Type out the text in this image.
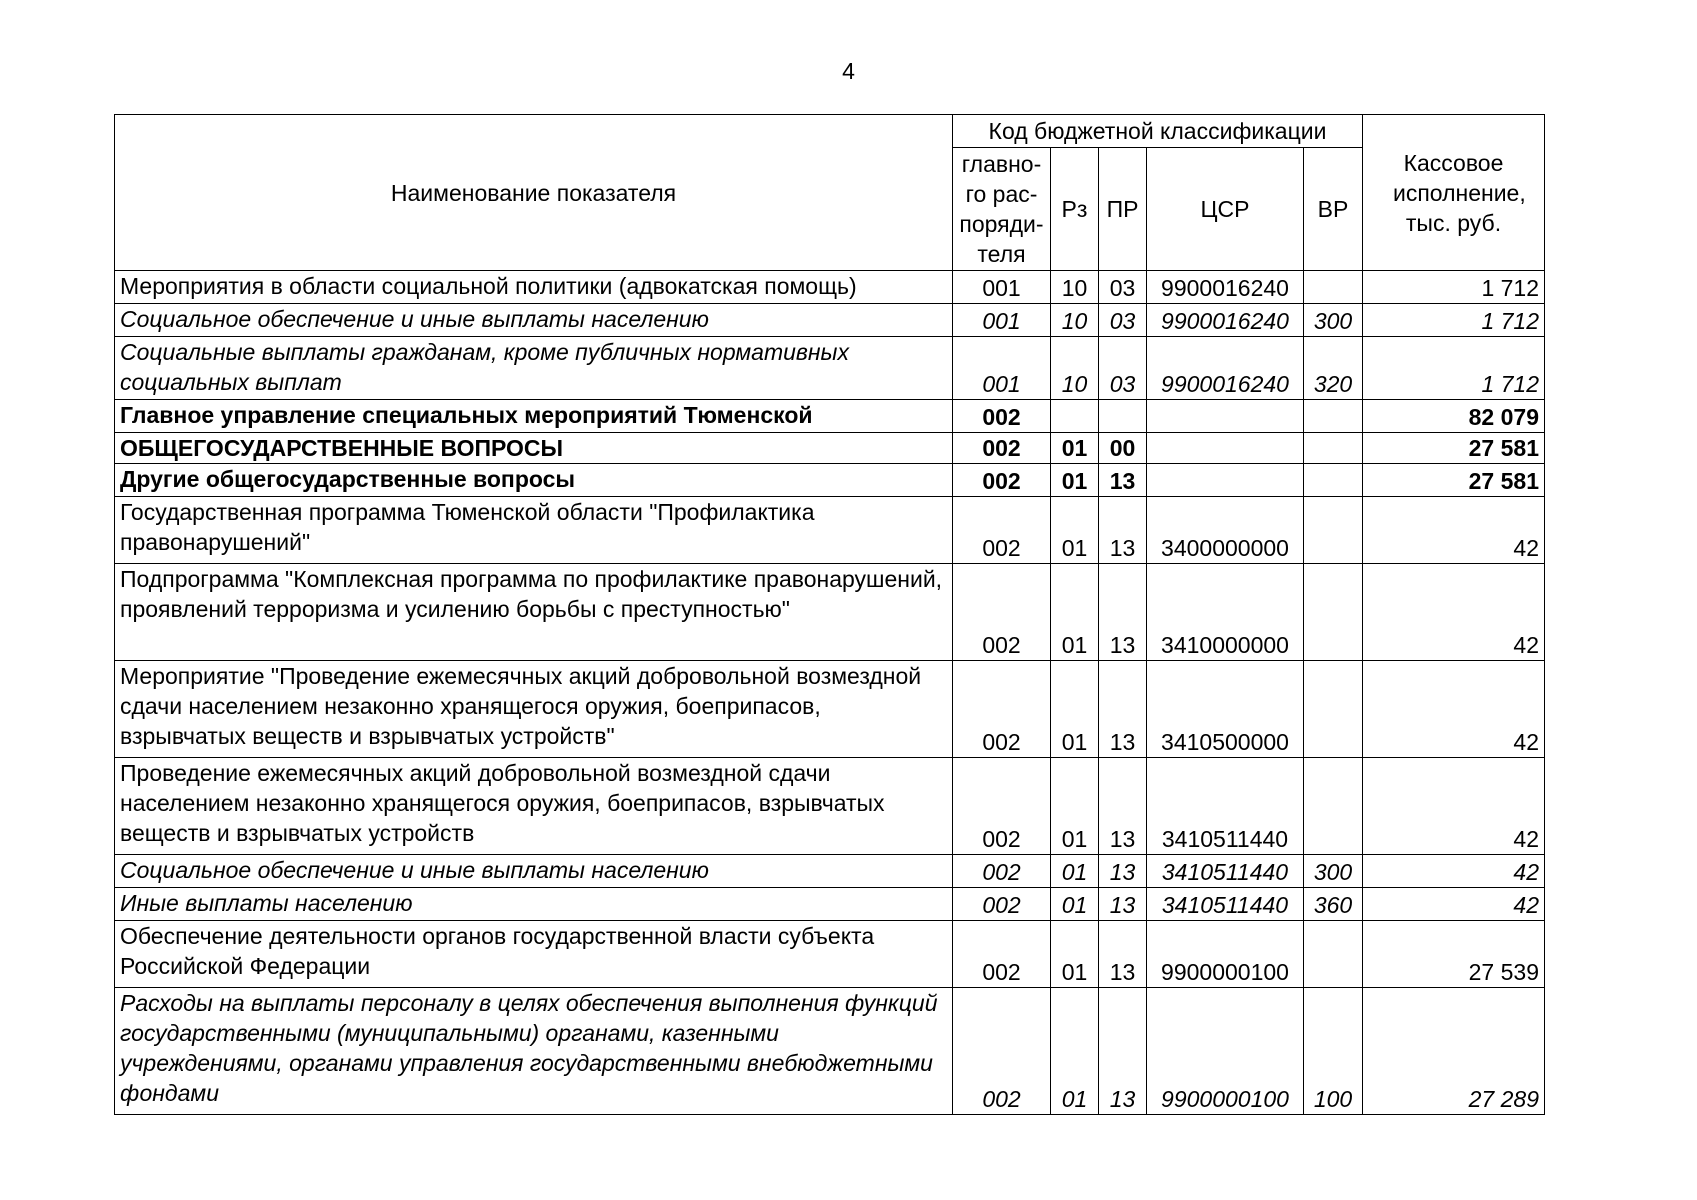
4
Наименование показателя	Код бюджетной классификации					Кассовое исполнение, тыс. руб.
	главно-го рас-поряди-теля	Рз	ПР	ЦСР	ВР	
Мероприятия в области социальной политики (адвокатская помощь)	001	10	03	9900016240		1 712
Социальное обеспечение и иные выплаты населению	001	10	03	9900016240	300	1 712
Социальные выплаты гражданам, кроме публичных нормативных социальных выплат	001	10	03	9900016240	320	1 712
Главное управление специальных мероприятий Тюменской	002					82 079
ОБЩЕГОСУДАРСТВЕННЫЕ ВОПРОСЫ	002	01	00			27 581
Другие общегосударственные вопросы	002	01	13			27 581
Государственная программа Тюменской области "Профилактика правонарушений"	002	01	13	3400000000		42
Подпрограмма "Комплексная программа по профилактике правонарушений, проявлений терроризма и усилению борьбы с преступностью"	002	01	13	3410000000		42
Мероприятие "Проведение ежемесячных акций добровольной возмездной сдачи населением незаконно хранящегося оружия, боеприпасов, взрывчатых веществ и взрывчатых устройств"	002	01	13	3410500000		42
Проведение ежемесячных акций добровольной возмездной сдачи населением незаконно хранящегося оружия, боеприпасов, взрывчатых веществ и взрывчатых устройств	002	01	13	3410511440		42
Социальное обеспечение и иные выплаты населению	002	01	13	3410511440	300	42
Иные выплаты населению	002	01	13	3410511440	360	42
Обеспечение деятельности органов государственной власти субъекта Российской Федерации	002	01	13	9900000100		27 539
Расходы на выплаты персоналу в целях обеспечения выполнения функций государственными (муниципальными) органами, казенными учреждениями, органами управления государственными внебюджетными фондами	002	01	13	9900000100	100	27 289
